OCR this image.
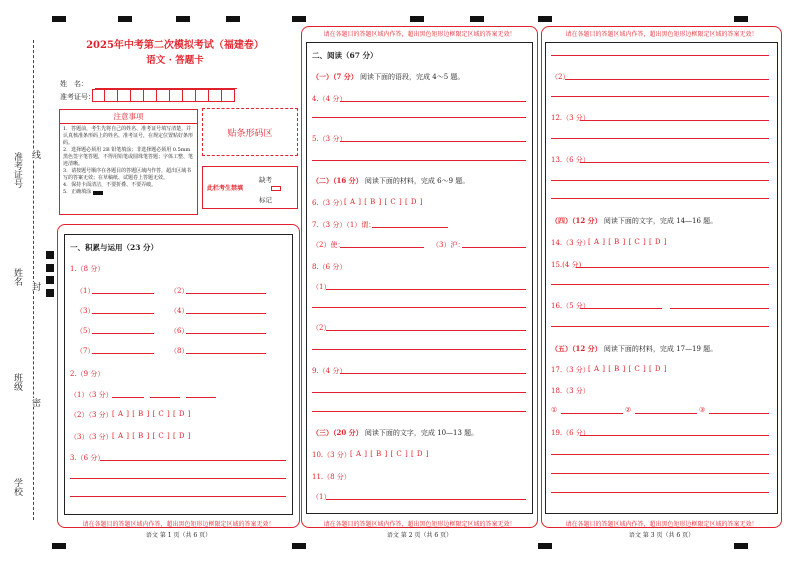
准考证号 线
姓名
封
班级
密
学校
2025年中考第二次模拟考试（福建卷）
语文 · 答题卡
姓　名：
准考证号：
注意事项
1．答题前，考生先将自己的姓名、准考证号填写清楚，并认真核准条形码上的姓名、准考证号，在规定位置贴好条形码。
2．选择题必须用 2B 铅笔填涂；非选择题必须用 0.5mm 黑色签字笔答题，不得用铅笔或圆珠笔答题；字体工整、笔迹清晰。
3．请按题号顺序在各题目的答题区域内作答，超出区域书写的答案无效；在草稿纸、试题卷上答题无效。
4．保持卡面清洁，不要折叠、不要弄破。
5．正确填涂
贴条形码区
此栏考生禁填
缺考
标记
一、积累与运用（23 分）
1.（8 分）
（1）	（2）
（3）	（4）
（5）	（6）
（7）	（8）
2.（9 分）
（1）（3 分）
（2）（3 分） [ A ] [ B ] [ C ] [ D ]
（3）（3 分） [ A ] [ B ] [ C ] [ D ]
3.（6 分）
请在各题目的答题区域内作答，超出黑色矩形边框限定区域的答案无效！
语文 第 1 页（共 6 页）
请在各题目的答题区域内作答，超出黑色矩形边框限定区域的答案无效！
二、阅读（67 分）
（一）（7 分） 阅读下面的语段，完成 4～5 题。
4.（4 分）
5.（3 分）
（二）（16 分） 阅读下面的材料，完成 6～9 题。
6.（3 分）
[ A ] [ B ] [ C ] [ D ]
7.（3 分）（1）谓：
（2）使：	（3）沪：
8.（6 分）
（1）
（2）
9.（4 分）
（三）（20 分） 阅读下面的文字，完成 10—13 题。
10.（3 分） [ A ] [ B ] [ C ] [ D ]
11.（8 分）
（1）
请在各题目的答题区域内作答，超出黑色矩形边框限定区域的答案无效！
语文 第 2 页（共 6 页）
请在各题目的答题区域内作答，超出黑色矩形边框限定区域的答案无效！
（2）
12.（3 分）
13.（6 分）
（四）（12 分） 阅读下面的文字，完成 14—16 题。
14.（3 分）
[ A ] [ B ] [ C ] [ D ]
15.(4 分)
16.（5 分）
（五）（12 分） 阅读下面的材料，完成 17—19 题。
17.（3 分）
[ A ] [ B ] [ C ] [ D ]
18.（3 分）
①	②	③
19.（6 分）
请在各题目的答题区域内作答，超出黑色矩形边框限定区域的答案无效！
语文 第 3 页（共 6 页）
